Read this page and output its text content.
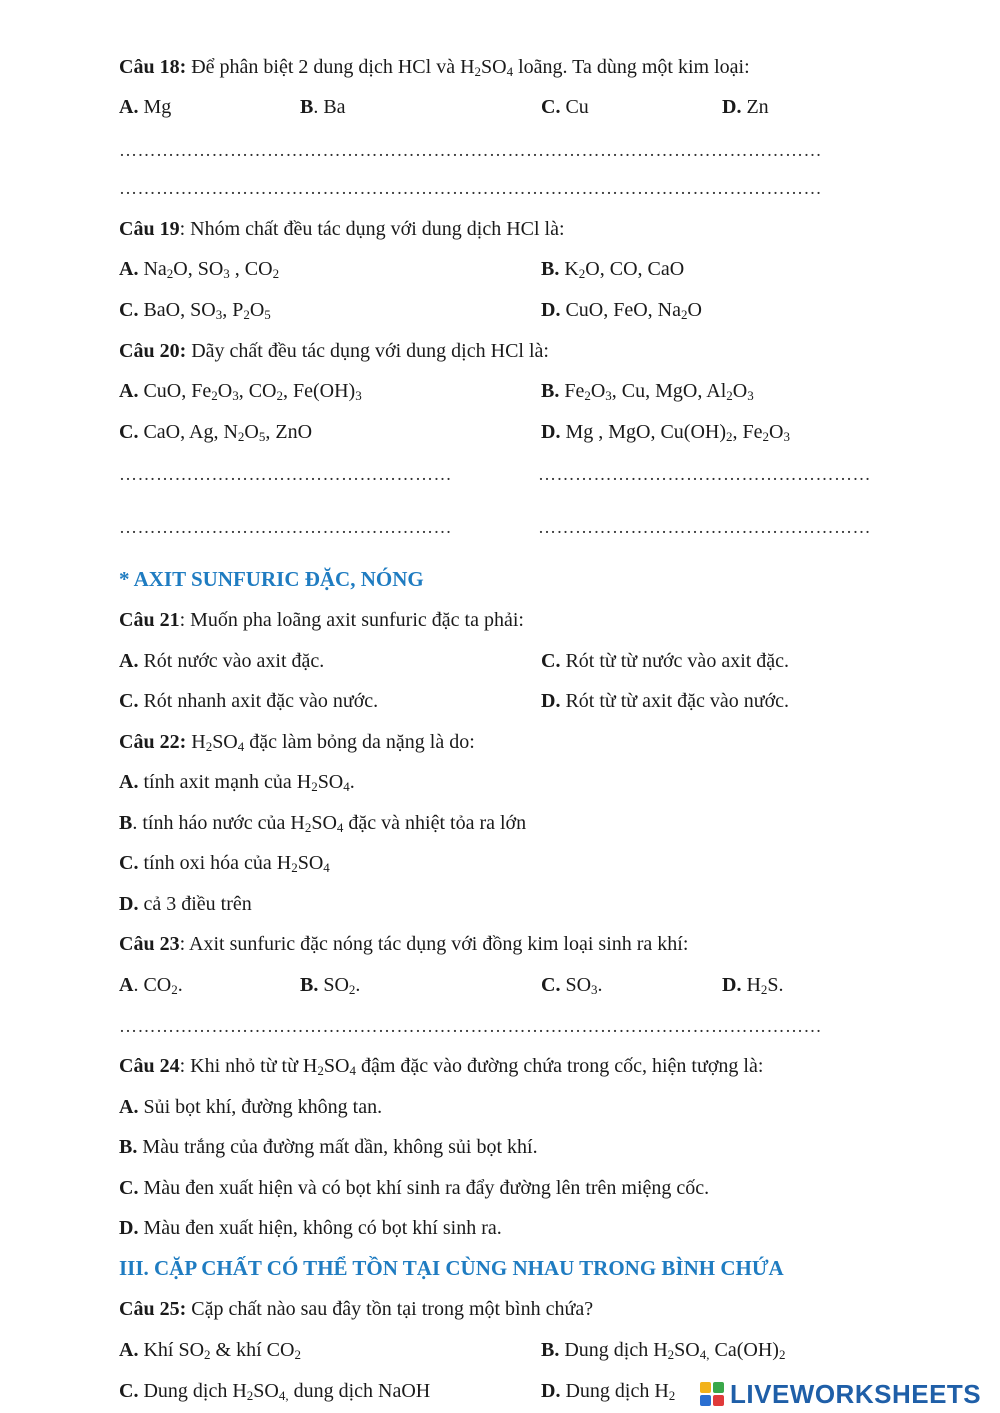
Câu 18: Để phân biệt 2 dung dịch HCl và $H_2SO_4$ loãng. Ta dùng một kim loại:
A. Mg	B. Ba	C. Cu	D. Zn
……………………………………………………………………………………………………
……………………………………………………………………………………………………
Câu 19: Nhóm chất đều tác dụng với dung dịch HCl là:
A. $Na_2O$, $SO_3$ , $CO_2$	B. $K_2O$, CO, CaO
C. BaO, $SO_3$, $P_2O_5$	D. CuO, FeO, $Na_2O$
Câu 20: Dãy chất đều tác dụng với dung dịch HCl là:
A. CuO, $Fe_2O_3$, $CO_2$, $Fe(OH)_3$	B. $Fe_2O_3$, Cu, MgO, $Al_2O_3$
C. CaO, Ag, $N_2O_5$, ZnO	D. Mg , MgO, $Cu(OH)_2$, $Fe_2O_3$
………………………………………………	………………………………………………
………………………………………………	………………………………………………
* AXIT SUNFURIC ĐẶC, NÓNG
Câu 21: Muốn pha loãng axit sunfuric đặc ta phải:
A. Rót nước vào axit đặc.	C. Rót từ từ nước vào axit đặc.
C. Rót nhanh axit đặc vào nước.	D. Rót từ từ axit đặc vào nước.
Câu 22: $H_2SO_4$ đặc làm bỏng da nặng là do:
A. tính axit mạnh của $H_2SO_4$.
B. tính háo nước của $H_2SO_4$ đặc và nhiệt tỏa ra lớn
C. tính oxi hóa của $H_2SO_4$
D. cả 3 điều trên
Câu 23: Axit sunfuric đặc nóng tác dụng với đồng kim loại sinh ra khí:
A. $CO_2$.	B. $SO_2$.	C. $SO_3$.	D. $H_2S$.
……………………………………………………………………………………………………
Câu 24: Khi nhỏ từ từ $H_2SO_4$ đậm đặc vào đường chứa trong cốc, hiện tượng là:
A. Sủi bọt khí, đường không tan.
B. Màu trắng của đường mất dần, không sủi bọt khí.
C. Màu đen xuất hiện và có bọt khí sinh ra đẩy đường lên trên miệng cốc.
D. Màu đen xuất hiện, không có bọt khí sinh ra.
III. CẶP CHẤT CÓ THỂ TỒN TẠI CÙNG NHAU TRONG BÌNH CHỨA
Câu 25: Cặp chất nào sau đây tồn tại trong một bình chứa?
A. Khí $SO_2$ & khí $CO_2$	B. Dung dịch $H_2SO_{4,}$ $Ca(OH)_2$
C. Dung dịch $H_2SO_{4,}$ dung dịch NaOH	D. Dung dịch $H_2$ LIVEWORKSHEETS
